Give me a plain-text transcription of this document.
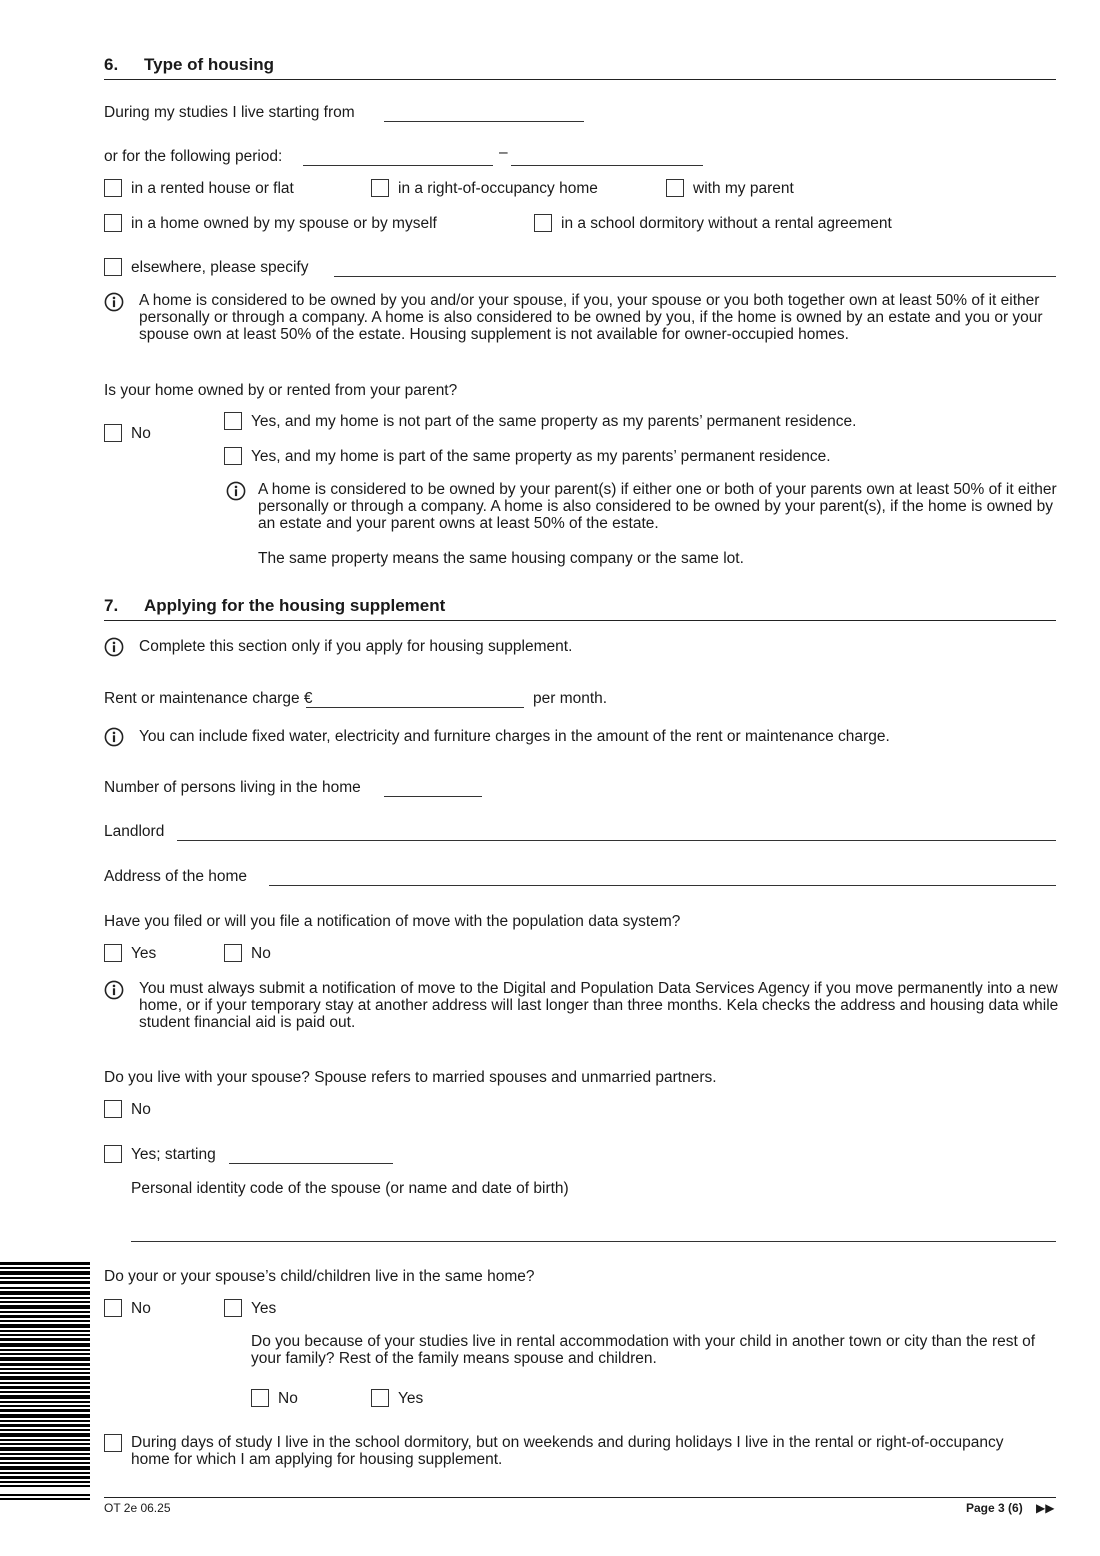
6. Type of housing
During my studies I live starting from
or for the following period:	–
in a rented house or flat	in a right-of-occupancy home	with my parent
in a home owned by my spouse or by myself	in a school dormitory without a rental agreement
elsewhere, please specify
A home is considered to be owned by you and/or your spouse, if you, your spouse or you both together own at least 50% of it either personally or through a company. A home is also considered to be owned by you, if the home is owned by an estate and you or your spouse own at least 50% of the estate. Housing supplement is not available for owner-occupied homes.
Is your home owned by or rented from your parent?
No
Yes, and my home is not part of the same property as my parents’ permanent residence.
Yes, and my home is part of the same property as my parents’ permanent residence.
A home is considered to be owned by your parent(s) if either one or both of your parents own at least 50% of it either personally or through a company. A home is also considered to be owned by your parent(s), if the home is owned by an estate and your parent owns at least 50% of the estate.
The same property means the same housing company or the same lot.
7. Applying for the housing supplement
Complete this section only if you apply for housing supplement.
Rent or maintenance charge €	per month.
You can include fixed water, electricity and furniture charges in the amount of the rent or maintenance charge.
Number of persons living in the home
Landlord
Address of the home
Have you filed or will you file a notification of move with the population data system?
Yes	No
You must always submit a notification of move to the Digital and Population Data Services Agency if you move permanently into a new home, or if your temporary stay at another address will last longer than three months. Kela checks the address and housing data while student financial aid is paid out.
Do you live with your spouse? Spouse refers to married spouses and unmarried partners.
No
Yes; starting
Personal identity code of the spouse (or name and date of birth)
Do your or your spouse’s child/children live in the same home?
No	Yes
Do you because of your studies live in rental accommodation with your child in another town or city than the rest of your family? Rest of the family means spouse and children.
No	Yes
During days of study I live in the school dormitory, but on weekends and during holidays I live in the rental or right-of-occupancy home for which I am applying for housing supplement.
OT 2e 06.25	Page 3 (6) ▶▶
